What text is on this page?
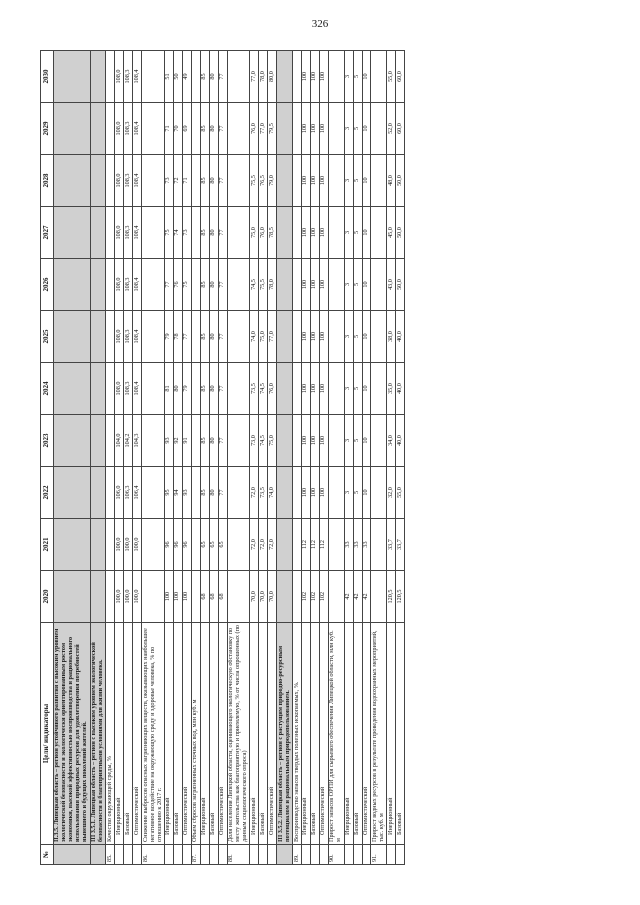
326
№	Цели/ индикаторы	2020	2021	2022	2023	2024	2025	2026	2027	2028	2029	2030
	II.3.5. Липецкая область – регион устойчивого развития с высоким уровнем экологической безопасности и экологически ориентированным ростом экономики, высокой эффективностью воспроизводства и рационального использования природных ресурсов для удовлетворения потребностей нынешнего и будущих поколений жителей.											
	III 3.5.1. Липецкая область – регион с высоким уровнем экологической безопасности и благоприятными условиями для жизни человека.											
85.	Качество окружающей среды, %											
	Инерционный	100,0	100,0	106,0	104,0	108,0	108,0	108,0	108,0	108,0	108,0	108,0
	Базовый	100,0	100,0	106,3	104,2	108,3	108,3	108,3	108,3	108,3	108,3	108,3
	Оптимистический	100,0	100,0	106,4	104,3	108,4	108,4	108,4	108,4	108,4	108,4	108,4
86.	Снижение выбросов опасных загрязняющих веществ, оказывающих наибольшее негативное воздействие на окружающую среду и здоровье человека, % по отношению к 2017 г.											
	Инерционный	100	96	95	93	81	79	77	75	73	71	51
	Базовый	100	96	94	92	80	78	76	74	72	70	50
	Оптимистический	100	96	93	91	79	77	75	73	71	69	49
87.	Объем сбросов загрязненных сточных вод, млн куб. м											
	Инерционный	68	65	85	85	85	85	85	85	85	85	85
	Базовый	68	65	80	80	80	80	80	80	80	80	80
	Оптимистический	68	65	77	77	77	77	77	77	77	77	77
88.	Доля населения Липецкой области, оценивающего экологическую обстановку по месту жительства как благоприятную и приемлемую, % от числа опрошенных (по данным социологического опроса)											
	Инерционный	70,0	72,0	72,0	73,0	73,5	74,0	74,5	75,0	75,5	76,0	77,0
	Базовый	70,0	72,0	73,5	74,5	74,5	75,0	75,5	76,0	76,5	77,0	78,0
	Оптимистический	70,0	72,0	74,0	75,0	76,0	77,0	78,0	78,5	79,0	79,5	80,0
	III 3.5.2. Липецкая область – регион с растущим природно-ресурсным потенциалом и рациональным природопользованием.											
89.	Воспроизводство запасов твердых полезных ископаемых, %.											
	Инерционный	102	112	100	100	100	100	100	100	100	100	100
	Базовый	102	112	100	100	100	100	100	100	100	100	100
	Оптимистический	102	112	100	100	100	100	100	100	100	100	100
90.	Прирост запасов ОРПИ для сырьевого обеспечения Липецкой области, млн куб. м											
	Инерционный	42	33	3	3	3	3	3	3	3	3	3
	Базовый	42	33	5	5	5	5	5	5	5	5	5
	Оптимистический	42	33	10	10	10	10	10	10	10	10	10
91.	Прирост водных ресурсов в результате проведения водоохранных мероприятий, тыс. куб. м											
	Инерционный	120,5	33,7	32,0	34,0	35,0	38,0	43,0	45,0	48,0	52,0	55,0
	Базовый	120,5	33,7	55,0	40,0	40,0	40,0	50,0	50,0	50,0	60,0	60,0
